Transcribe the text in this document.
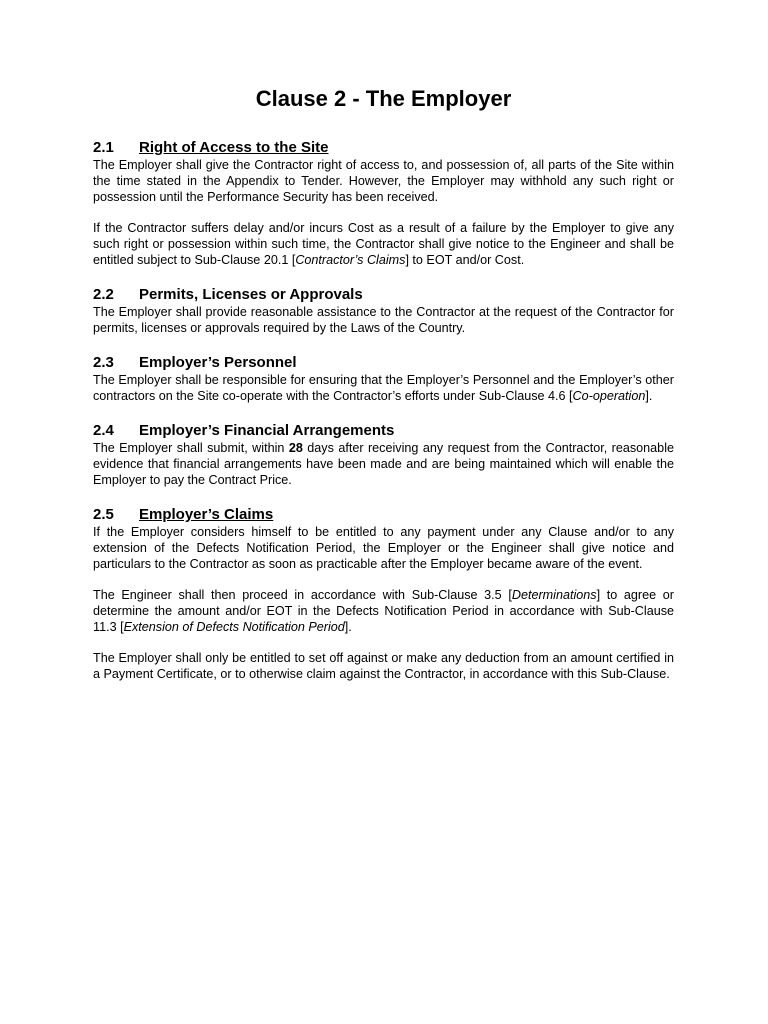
Clause 2 - The Employer
2.1	Right of Access to the Site

The Employer shall give the Contractor right of access to, and possession of, all parts of the Site within the time stated in the Appendix to Tender. However, the Employer may withhold any such right or possession until the Performance Security has been received.

If the Contractor suffers delay and/or incurs Cost as a result of a failure by the Employer to give any such right or possession within such time, the Contractor shall give notice to the Engineer and shall be entitled subject to Sub-Clause 20.1 [Contractor’s Claims] to EOT and/or Cost.

2.2	Permits, Licenses or Approvals

The Employer shall provide reasonable assistance to the Contractor at the request of the Contractor for permits, licenses or approvals required by the Laws of the Country.

2.3	Employer’s Personnel

The Employer shall be responsible for ensuring that the Employer’s Personnel and the Employer’s other contractors on the Site co-operate with the Contractor’s efforts under Sub-Clause 4.6 [Co-operation].

2.4	Employer’s Financial Arrangements

The Employer shall submit, within 28 days after receiving any request from the Contractor, reasonable evidence that financial arrangements have been made and are being maintained which will enable the Employer to pay the Contract Price.

2.5	Employer’s Claims

If the Employer considers himself to be entitled to any payment under any Clause and/or to any extension of the Defects Notification Period, the Employer or the Engineer shall give notice and particulars to the Contractor as soon as practicable after the Employer became aware of the event.

The Engineer shall then proceed in accordance with Sub-Clause 3.5 [Determinations] to agree or determine the amount and/or EOT in the Defects Notification Period in accordance with Sub-Clause 11.3 [Extension of Defects Notification Period].

The Employer shall only be entitled to set off against or make any deduction from an amount certified in a Payment Certificate, or to otherwise claim against the Contractor, in accordance with this Sub-Clause.
